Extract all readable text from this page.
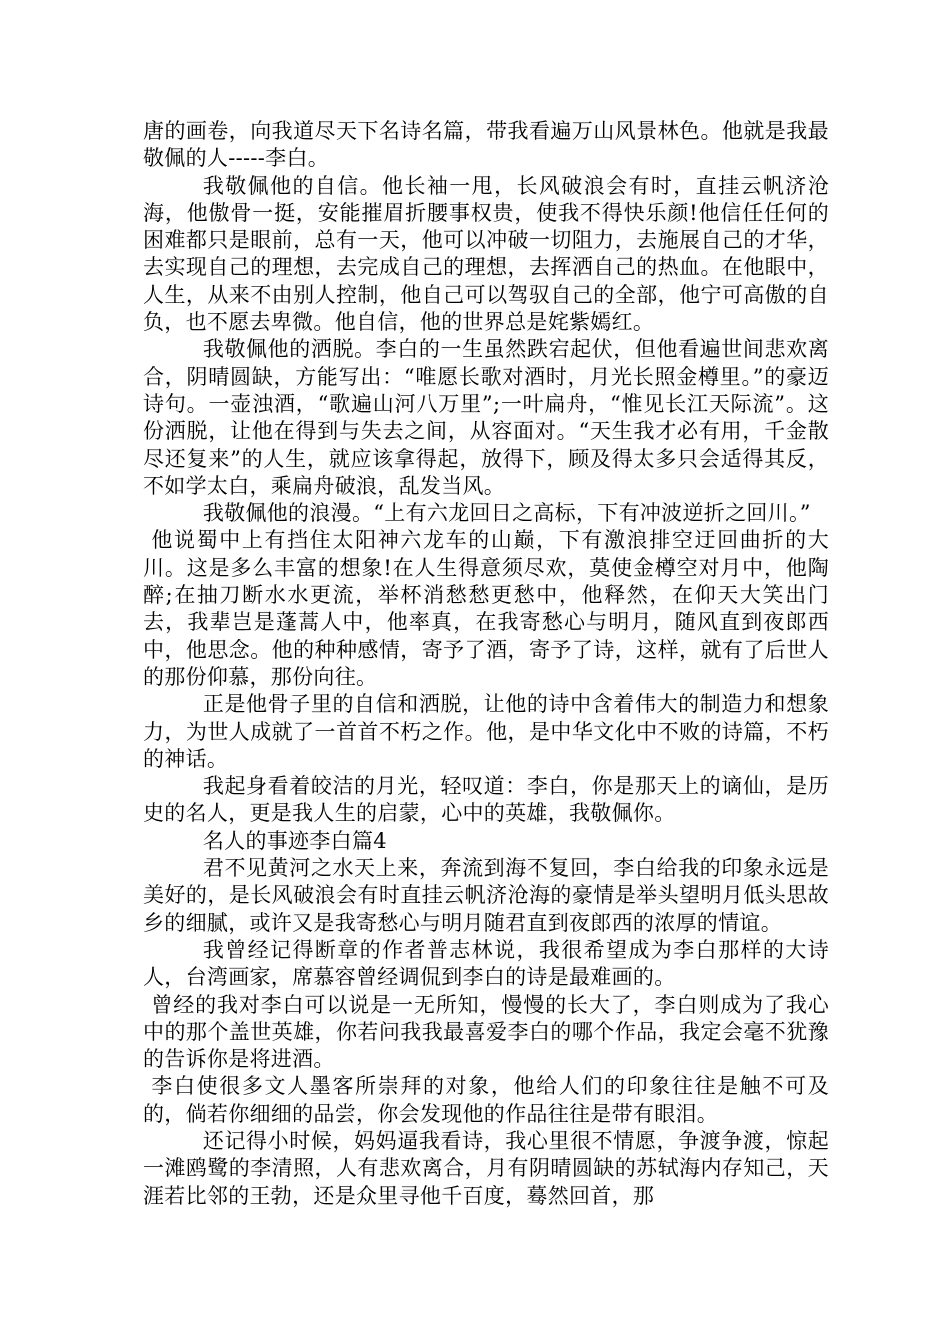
唐的画卷，向我道尽天下名诗名篇，带我看遍万山风景林色。他就是我最敬佩的人-----李白。

我敬佩他的自信。他长袖一甩，长风破浪会有时，直挂云帆济沧海，他傲骨一挺，安能摧眉折腰事权贵，使我不得快乐颜!他信任任何的困难都只是眼前，总有一天，他可以冲破一切阻力，去施展自己的才华，去实现自己的理想，去完成自己的理想，去挥洒自己的热血。在他眼中，人生，从来不由别人控制，他自己可以驾驭自己的全部，他宁可高傲的自负，也不愿去卑微。他自信，他的世界总是姹紫嫣红。

我敬佩他的洒脱。李白的一生虽然跌宕起伏，但他看遍世间悲欢离合，阴晴圆缺，方能写出：“唯愿长歌对酒时，月光长照金樽里。”的豪迈诗句。一壶浊酒，“歌遍山河八万里”;一叶扁舟，“惟见长江天际流”。这份洒脱，让他在得到与失去之间，从容面对。“天生我才必有用，千金散尽还复来”的人生，就应该拿得起，放得下，顾及得太多只会适得其反，不如学太白，乘扁舟破浪，乱发当风。

我敬佩他的浪漫。“上有六龙回日之高标，下有冲波逆折之回川。”

他说蜀中上有挡住太阳神六龙车的山巅，下有激浪排空迂回曲折的大川。这是多么丰富的想象!在人生得意须尽欢，莫使金樽空对月中，他陶醉;在抽刀断水水更流，举杯消愁愁更愁中，他释然，在仰天大笑出门去，我辈岂是蓬蒿人中，他率真，在我寄愁心与明月，随风直到夜郎西中，他思念。他的种种感情，寄予了酒，寄予了诗，这样，就有了后世人的那份仰慕，那份向往。

正是他骨子里的自信和洒脱，让他的诗中含着伟大的制造力和想象力，为世人成就了一首首不朽之作。他，是中华文化中不败的诗篇，不朽的神话。

我起身看着皎洁的月光，轻叹道：李白，你是那天上的谪仙，是历史的名人，更是我人生的启蒙，心中的英雄，我敬佩你。

名人的事迹李白篇4

君不见黄河之水天上来，奔流到海不复回，李白给我的印象永远是美好的，是长风破浪会有时直挂云帆济沧海的豪情是举头望明月低头思故乡的细腻，或许又是我寄愁心与明月随君直到夜郎西的浓厚的情谊。

我曾经记得断章的作者普志林说，我很希望成为李白那样的大诗人，台湾画家，席慕容曾经调侃到李白的诗是最难画的。

曾经的我对李白可以说是一无所知，慢慢的长大了，李白则成为了我心中的那个盖世英雄，你若问我我最喜爱李白的哪个作品，我定会毫不犹豫的告诉你是将进酒。

李白使很多文人墨客所崇拜的对象，他给人们的印象往往是触不可及的，倘若你细细的品尝，你会发现他的作品往往是带有眼泪。

还记得小时候，妈妈逼我看诗，我心里很不情愿，争渡争渡，惊起一滩鸥鹭的李清照，人有悲欢离合，月有阴晴圆缺的苏轼海内存知己，天涯若比邻的王勃，还是众里寻他千百度，蓦然回首，那
